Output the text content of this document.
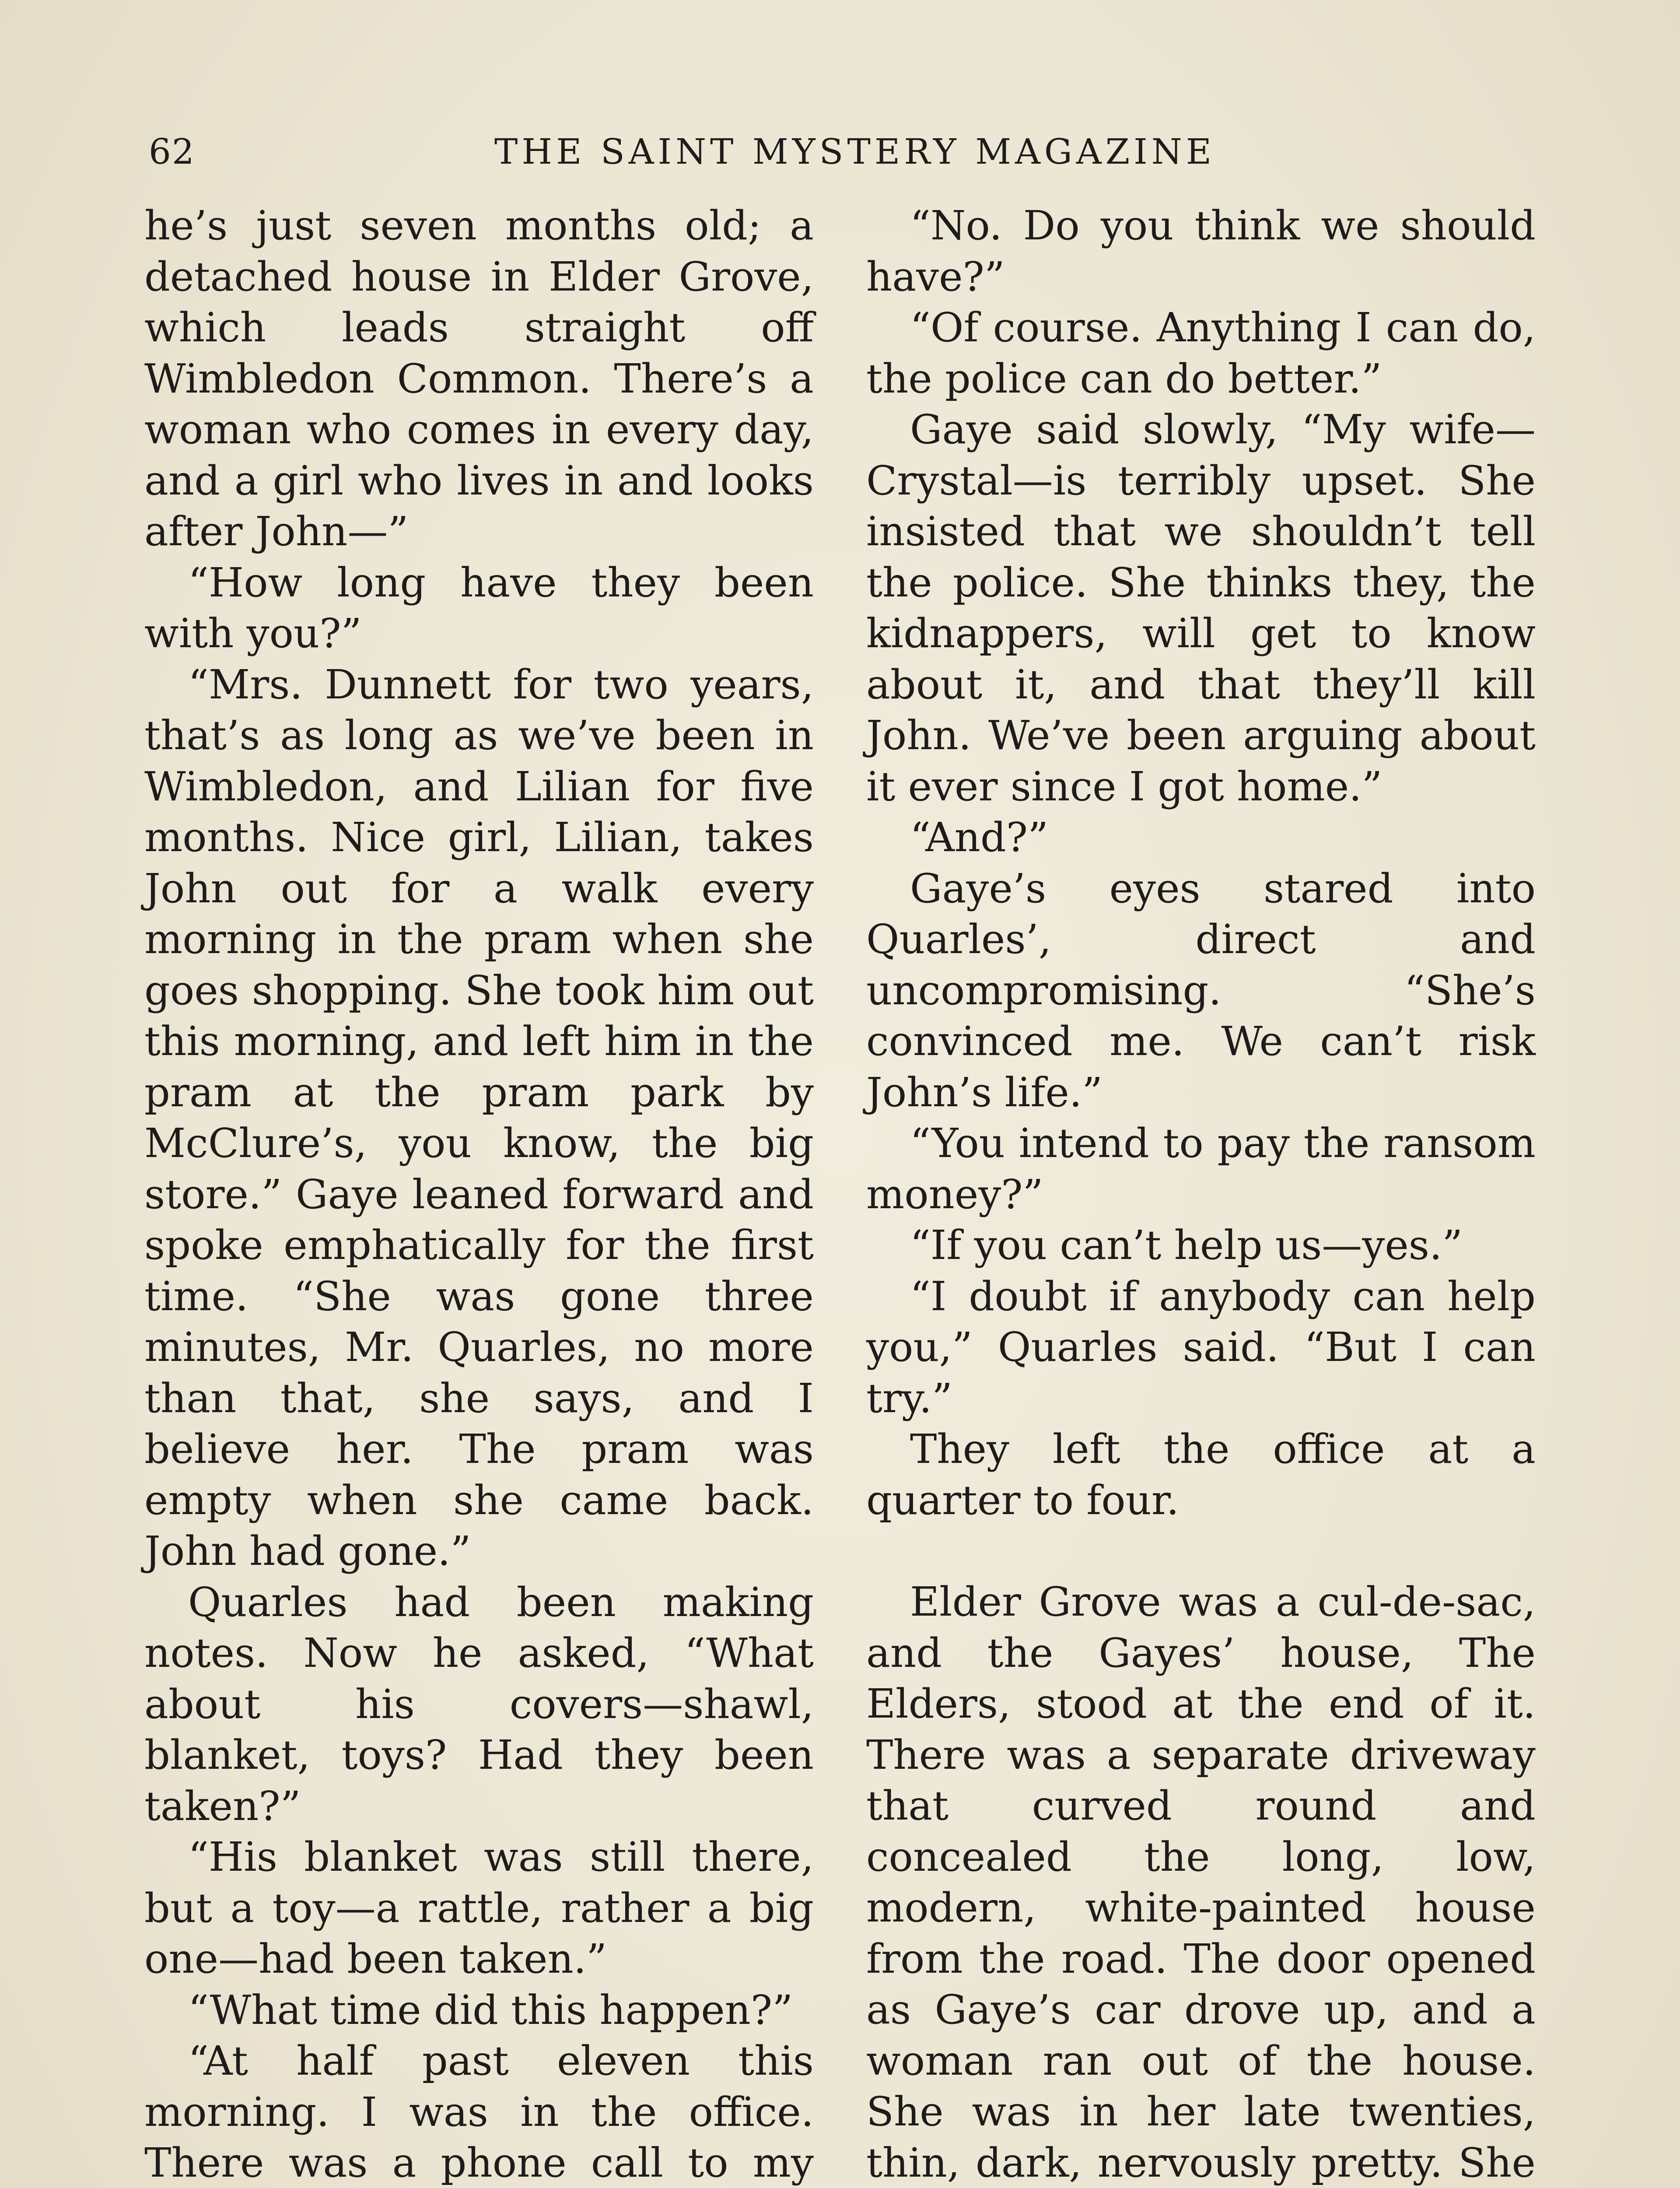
62	THE SAINT MYSTERY MAGAZINE

he’s just seven months old; a detached house in Elder Grove, which leads straight off Wimbledon Common. There’s a woman who comes in every day, and a girl who lives in and looks after John—”

“How long have they been with you?”

“Mrs. Dunnett for two years, that’s as long as we’ve been in Wimbledon, and Lilian for five months. Nice girl, Lilian, takes John out for a walk every morning in the pram when she goes shopping. She took him out this morning, and left him in the pram at the pram park by McClure’s, you know, the big store.” Gaye leaned forward and spoke emphatically for the first time. “She was gone three minutes, Mr. Quarles, no more than that, she says, and I believe her. The pram was empty when she came back. John had gone.”

Quarles had been making notes. Now he asked, “What about his covers—shawl, blanket, toys? Had they been taken?”

“His blanket was still there, but a toy—a rattle, rather a big one—had been taken.”

“What time did this happen?”

“At half past eleven this morning. I was in the office. There was a phone call to my

“No. Do you think we should have?”

“Of course. Anything I can do, the police can do better.”

Gaye said slowly, “My wife—Crystal—is terribly upset. She insisted that we shouldn’t tell the police. She thinks they, the kidnappers, will get to know about it, and that they’ll kill John. We’ve been arguing about it ever since I got home.”

“And?”

Gaye’s eyes stared into Quarles’, direct and uncompromising. “She’s convinced me. We can’t risk John’s life.”

“You intend to pay the ransom money?”

“If you can’t help us—yes.”

“I doubt if anybody can help you,” Quarles said. “But I can try.”

They left the office at a quarter to four.

Elder Grove was a cul-de-sac, and the Gayes’ house, The Elders, stood at the end of it. There was a separate driveway that curved round and concealed the long, low, modern, white-painted house from the road. The door opened as Gaye’s car drove up, and a woman ran out of the house. She was in her late twenties, thin, dark, nervously pretty. She
